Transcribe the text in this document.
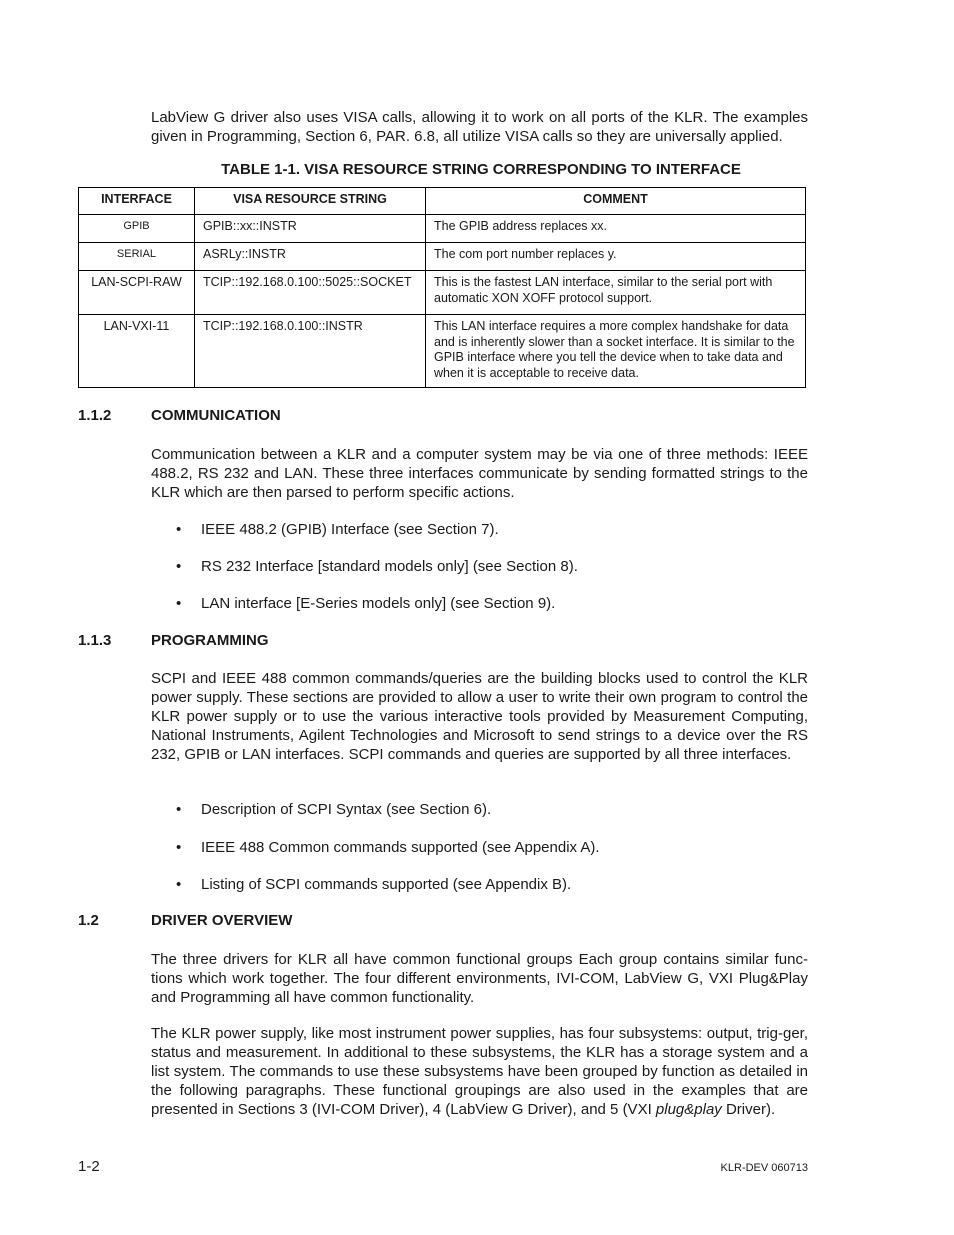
LabView G driver also uses VISA calls, allowing it to work on all ports of the KLR. The examples given in Programming, Section 6, PAR. 6.8, all utilize VISA calls so they are universally applied.

TABLE 1-1. VISA RESOURCE STRING CORRESPONDING TO INTERFACE

INTERFACE	VISA RESOURCE STRING	COMMENT
GPIB	GPIB::xx::INSTR	The GPIB address replaces xx.
SERIAL	ASRLy::INSTR	The com port number replaces y.
LAN-SCPI-RAW	TCIP::192.168.0.100::5025::SOCKET	This is the fastest LAN interface, similar to the serial port with automatic XON XOFF protocol support.
LAN-VXI-11	TCIP::192.168.0.100::INSTR	This LAN interface requires a more complex handshake for data and is inherently slower than a socket interface. It is similar to the GPIB interface where you tell the device when to take data and when it is acceptable to receive data.

1.1.2	COMMUNICATION

Communication between a KLR and a computer system may be via one of three methods: IEEE 488.2, RS 232 and LAN. These three interfaces communicate by sending formatted strings to the KLR which are then parsed to perform specific actions.

• IEEE 488.2 (GPIB) Interface (see Section 7).

• RS 232 Interface [standard models only] (see Section 8).

• LAN interface [E-Series models only] (see Section 9).

1.1.3	PROGRAMMING

SCPI and IEEE 488 common commands/queries are the building blocks used to control the KLR power supply. These sections are provided to allow a user to write their own program to control the KLR power supply or to use the various interactive tools provided by Measurement Computing, National Instruments, Agilent Technologies and Microsoft to send strings to a device over the RS 232, GPIB or LAN interfaces. SCPI commands and queries are supported by all three interfaces.

• Description of SCPI Syntax (see Section 6).

• IEEE 488 Common commands supported (see Appendix A).

• Listing of SCPI commands supported (see Appendix B).

1.2	DRIVER OVERVIEW

The three drivers for KLR all have common functional groups Each group contains similar func-tions which work together. The four different environments, IVI-COM, LabView G, VXI Plug&Play and Programming all have common functionality.

The KLR power supply, like most instrument power supplies, has four subsystems: output, trig-ger, status and measurement. In additional to these subsystems, the KLR has a storage system and a list system. The commands to use these subsystems have been grouped by function as detailed in the following paragraphs. These functional groupings are also used in the examples that are presented in Sections 3 (IVI-COM Driver), 4 (LabView G Driver), and 5 (VXI plug&play Driver).

1-2	KLR-DEV 060713
